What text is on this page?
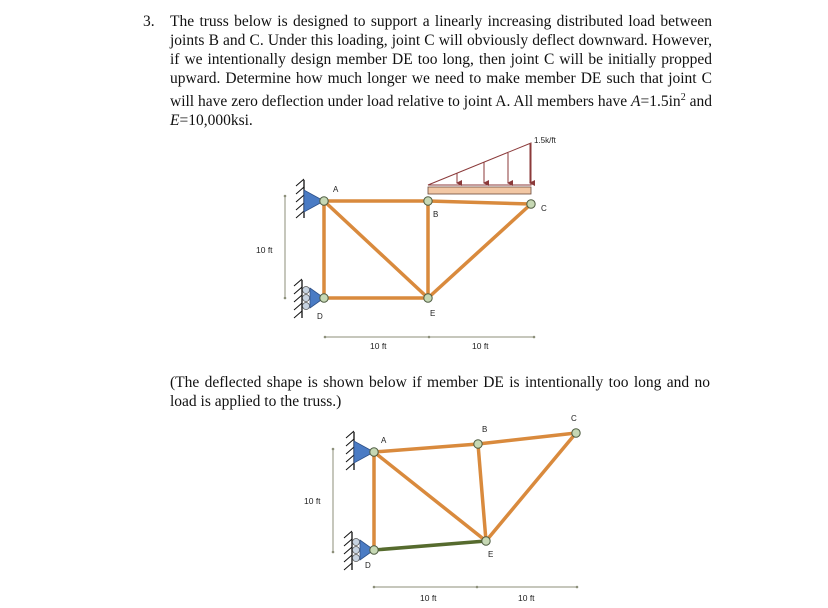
3. The truss below is designed to support a linearly increasing distributed load between joints B and C. Under this loading, joint C will obviously deflect downward. However, if we intentionally design member DE too long, then joint C will be initially propped upward. Determine how much longer we need to make member DE such that joint C will have zero deflection under load relative to joint A. All members have $A=1.5in^2$ and E=10,000ksi.
(The deflected shape is shown below if member DE is intentionally too long and no load is applied to the truss.)
1.5k/ft
A
B
C
D	E
10 ft
10 ft	10 ft
A
B
C
D
E
10 ft
10 ft	10 ft
